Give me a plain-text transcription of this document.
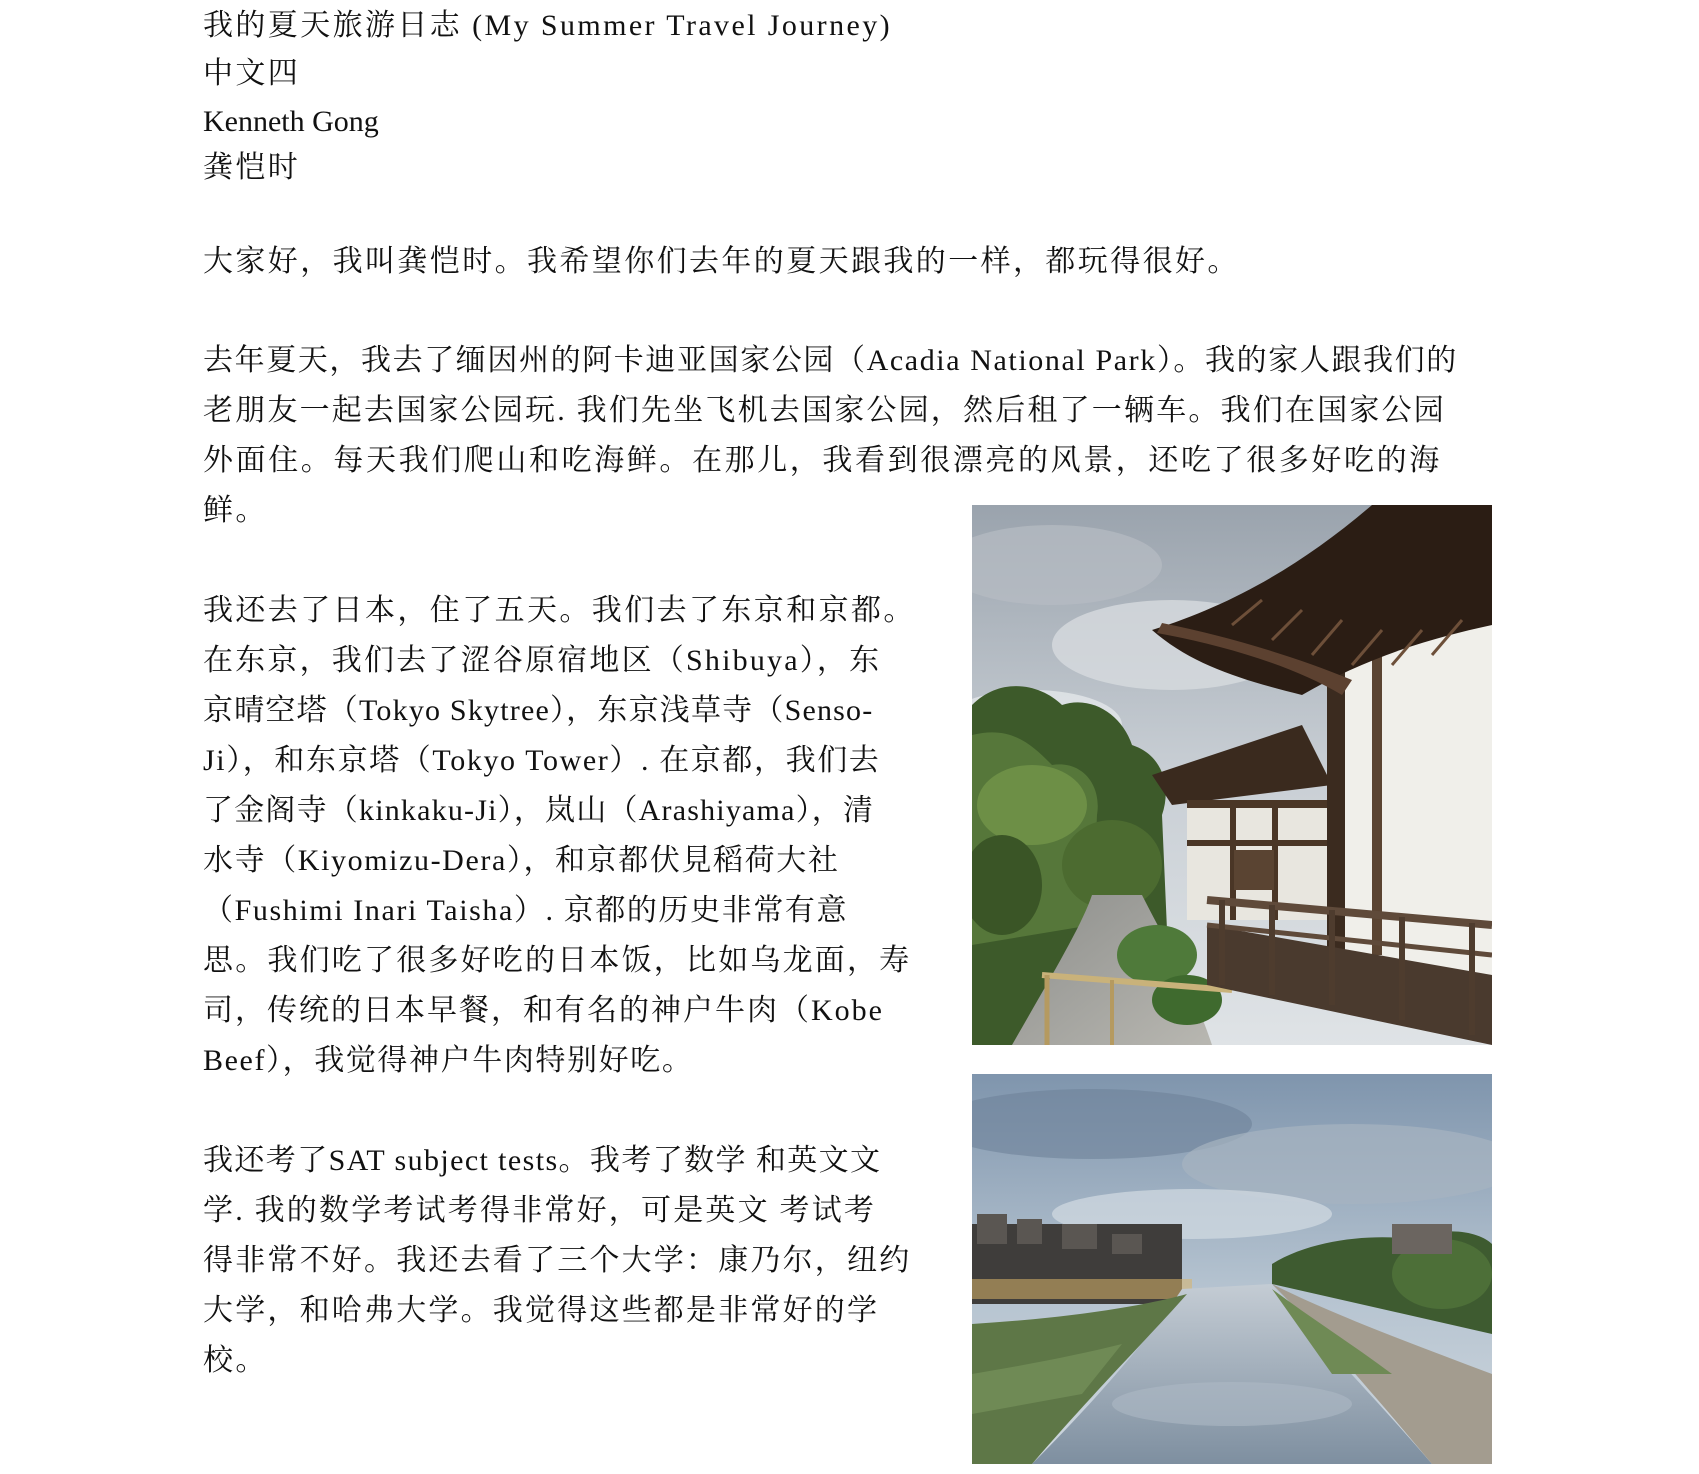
我的夏天旅游日志 (My Summer Travel Journey)
中文四
Kenneth Gong
龚恺时
大家好，我叫龚恺时。我希望你们去年的夏天跟我的一样，都玩得很好。
去年夏天，我去了缅因州的阿卡迪亚国家公园（Acadia National Park）。我的家人跟我们的
老朋友一起去国家公园玩. 我们先坐飞机去国家公园，然后租了一辆车。我们在国家公园
外面住。每天我们爬山和吃海鲜。在那儿，我看到很漂亮的风景，还吃了很多好吃的海
鲜。
我还去了日本，住了五天。我们去了东京和京都。
在东京，我们去了涩谷原宿地区（Shibuya），东
京晴空塔（Tokyo Skytree），东京浅草寺（Senso-
Ji），和东京塔（Tokyo Tower）. 在京都，我们去
了金阁寺（kinkaku-Ji），岚山（Arashiyama），清
水寺（Kiyomizu-Dera），和京都伏見稻荷大社
（Fushimi Inari Taisha）. 京都的历史非常有意
思。我们吃了很多好吃的日本饭，比如乌龙面，寿
司，传统的日本早餐，和有名的神户牛肉（Kobe
Beef），我觉得神户牛肉特别好吃。
我还考了SAT subject tests。我考了数学 和英文文
学. 我的数学考试考得非常好，可是英文 考试考
得非常不好。我还去看了三个大学：康乃尔，纽约
大学，和哈弗大学。我觉得这些都是非常好的学
校。
